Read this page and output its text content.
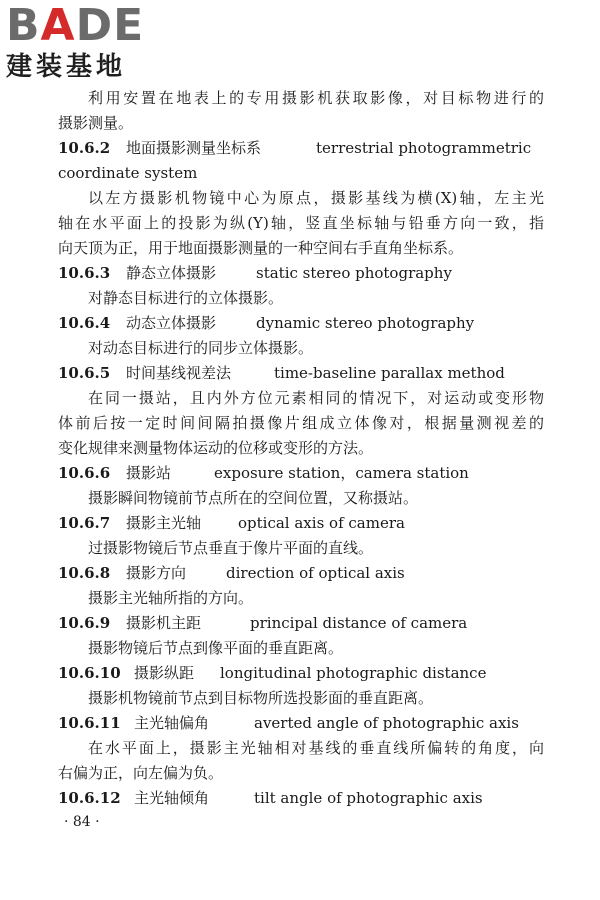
BADE
建装基地
利用安置在地表上的专用摄影机获取影像，对目标物进行的
摄影测量。
10.6.2 地面摄影测量坐标系	terrestrial photogrammetric
coordinate system
以左方摄影机物镜中心为原点，摄影基线为横(X)轴，左主光
轴在水平面上的投影为纵(Y)轴，竖直坐标轴与铅垂方向一致，指
向天顶为正，用于地面摄影测量的一种空间右手直角坐标系。
10.6.3 静态立体摄影	static stereo photography
对静态目标进行的立体摄影。
10.6.4 动态立体摄影	dynamic stereo photography
对动态目标进行的同步立体摄影。
10.6.5 时间基线视差法	time-baseline parallax method
在同一摄站，且内外方位元素相同的情况下，对运动或变形物
体前后按一定时间间隔拍摄像片组成立体像对，根据量测视差的
变化规律来测量物体运动的位移或变形的方法。
10.6.6 摄影站	exposure station，camera station
摄影瞬间物镜前节点所在的空间位置，又称摄站。
10.6.7 摄影主光轴 optical axis of camera
过摄影物镜后节点垂直于像片平面的直线。
10.6.8 摄影方向	direction of optical axis
摄影主光轴所指的方向。
10.6.9 摄影机主距	principal distance of camera
摄影物镜后节点到像平面的垂直距离。
10.6.10 摄影纵距 longitudinal photographic distance
摄影机物镜前节点到目标物所选投影面的垂直距离。
10.6.11 主光轴偏角	averted angle of photographic axis
在水平面上，摄影主光轴相对基线的垂直线所偏转的角度，向
右偏为正，向左偏为负。
10.6.12 主光轴倾角	tilt angle of photographic axis
· 84 ·
